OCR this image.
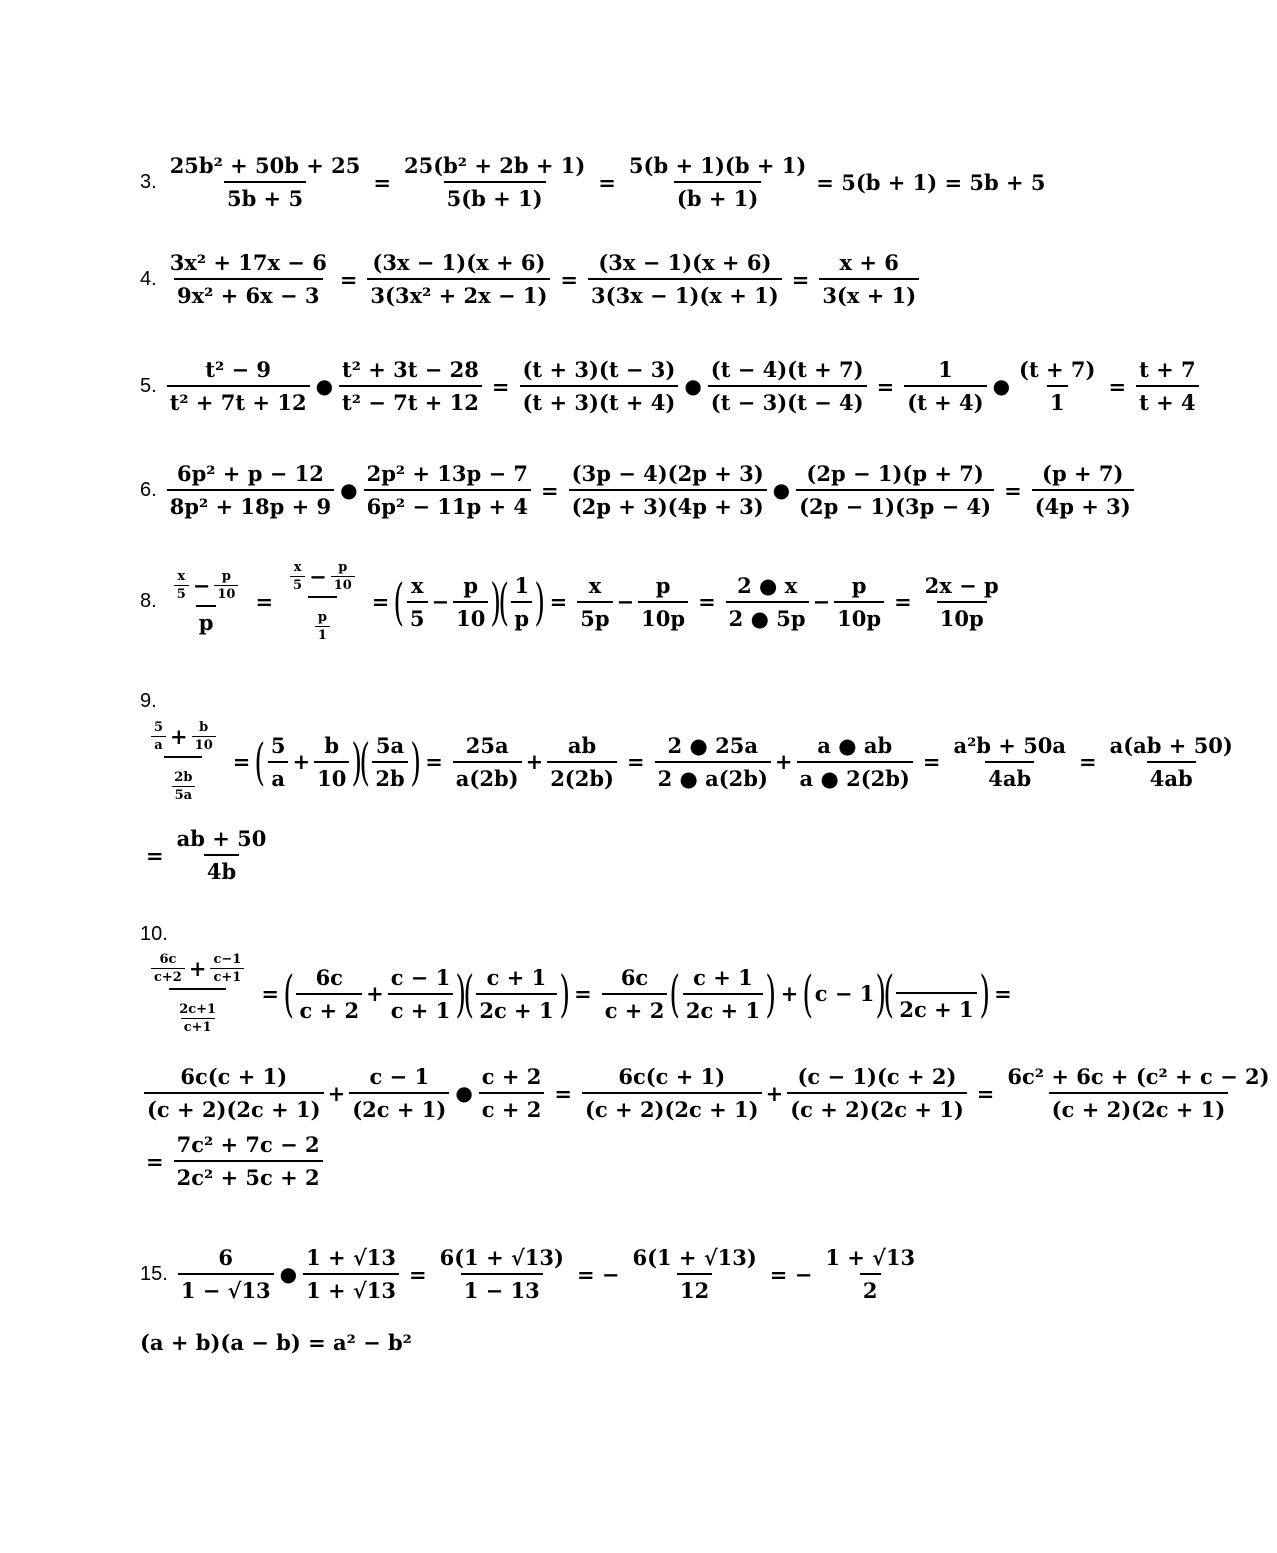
3. $\frac{\text{25b² + 50b + 25}}{5b + 5} = \frac{\text{25(b² + 2b + 1)}}{5(b + 1)} = \frac{5(b + 1)(b + 1)}{(b + 1)} = 5(b + 1) = 5b + 5$
4. $\frac{\text{3x² + 17x − 6}}{\text{9x² + 6x − 3}} = \frac{(3x - 1)(x + 6)}{\text{3(3x² + 2x − 1)}} = \frac{(3x - 1)(x + 6)}{3(3x - 1)(x + 1)} = \frac{x + 6}{3(x + 1)}$
5. $\frac{\text{t² − 9}}{\text{t² + 7t + 12}}$ ● $\frac{\text{t² + 3t − 28}}{\text{t² − 7t + 12}} = \frac{(t + 3)(t - 3)}{(t + 3)(t + 4)}$ ● $\frac{(t - 4)(t + 7)}{(t - 3)(t - 4)} = \frac{1}{(t + 4)}$ ● $\frac{(t + 7)}{1} = \frac{t + 7}{t + 4}$
6. $\frac{\text{6p² + p − 12}}{\text{8p² + 18p + 9}}$ ● $\frac{\text{2p² + 13p − 7}}{\text{6p² − 11p + 4}} = \frac{(3p - 4)(2p + 3)}{(2p + 3)(4p + 3)}$ ● $\frac{(2p - 1)(p + 7)}{(2p - 1)(3p - 4)} = \frac{(p + 7)}{(4p + 3)}$
8. $\frac{\frac{x}{5} - \frac{p}{10}}{p} = \frac{\frac{x}{5} - \frac{p}{10}}{\frac{p}{1}}$ = ( $\frac{x}{5} - \frac{p}{10}$ )
( $\frac{1}{p}$ ) = $\frac{x}{5p} - \frac{p}{10p} = \frac{2 ● x}{2 ● 5p} - \frac{p}{10p} = \frac{2x - p}{10p}$
9.
$\frac{\frac{5}{a} + \frac{b}{10}}{\frac{2b}{5a}}$ = ( $\frac{5}{a} + \frac{b}{10}$ )
( $\frac{5a}{2b}$ ) = $\frac{25a}{a(2b)} + \frac{ab}{2(2b)} = \frac{2 ● 25a}{2 ● a(2b)} + \frac{a ● ab}{a ● 2(2b)} = \frac{\text{a²b + 50a}}{4ab} = \frac{a(ab + 50)}{4ab}$
= $\frac{ab + 50}{4b}$
10.
$\frac{\frac{6c}{c+2} + \frac{c-1}{c+1}}{\frac{2c+1}{c+1}}$ = ( $\frac{6c}{c + 2} + \frac{c - 1}{c + 1}$ )
( $\frac{c + 1}{2c + 1}$ ) = $\frac{6c}{c + 2}$ ( $\frac{c + 1}{2c + 1}$ ) + ( c − 1 )
( 2c + 1 ) =
$\frac{6c(c + 1)}{(c + 2)(2c + 1)} + \frac{c - 1}{(2c + 1)}$ ● $\frac{c + 2}{c + 2} = \frac{6c(c + 1)}{(c + 2)(2c + 1)} + \frac{(c - 1)(c + 2)}{(c + 2)(2c + 1)} = \frac{\text{6c² + 6c + (c² + c − 2)}}{(c + 2)(2c + 1)}$
= $\frac{\text{7c² + 7c − 2}}{\text{2c² + 5c + 2}}$
15. $\frac{6}{1 - √13}$ ● $\frac{1 + √13}{1 + √13} = \frac{6(1 + √13)}{1 - 13}$ = − $\frac{6(1 + √13)}{12}$ = − $\frac{1 + √13}{2}$
(a + b)(a − b) = a² − b²
